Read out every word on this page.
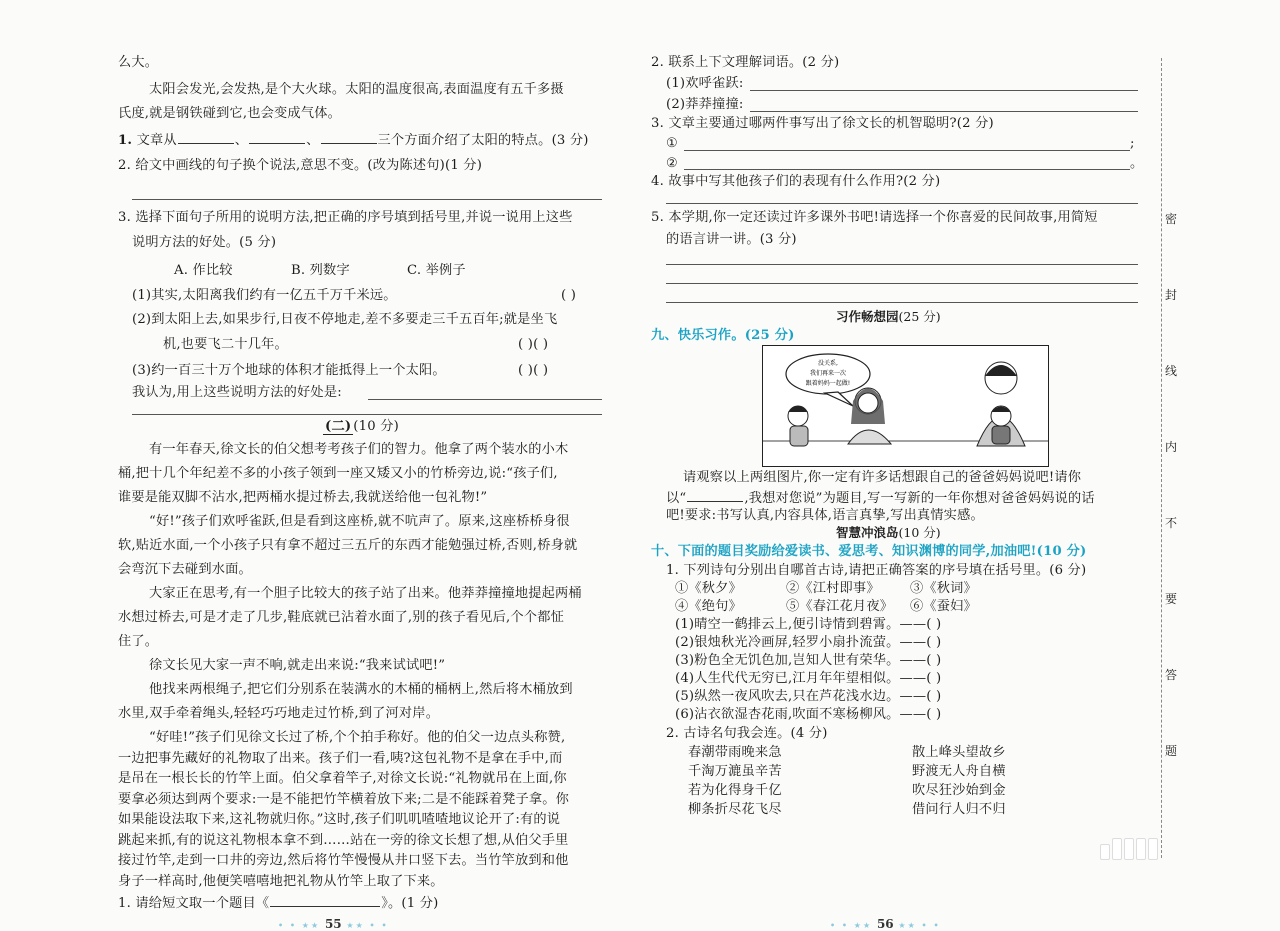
么大。
太阳会发光,会发热,是个大火球。太阳的温度很高,表面温度有五千多摄
氏度,就是钢铁碰到它,也会变成气体。
1. 文章从	、	、	三个方面介绍了太阳的特点。(3 分)
2. 给文中画线的句子换个说法,意思不变。(改为陈述句)(1 分)
3. 选择下面句子所用的说明方法,把正确的序号填到括号里,并说一说用上这些
说明方法的好处。(5 分)
A. 作比较	B. 列数字	C. 举例子
(1)其实,太阳离我们约有一亿五千万千米远。	( )
(2)到太阳上去,如果步行,日夜不停地走,差不多要走三千五百年;就是坐飞
机,也要飞二十几年。	( )( )
(3)约一百三十万个地球的体积才能抵得上一个太阳。	( )( )
我认为,用上这些说明方法的好处是:
(二) (10 分)
有一年春天,徐文长的伯父想考考孩子们的智力。他拿了两个装水的小木
桶,把十几个年纪差不多的小孩子领到一座又矮又小的竹桥旁边,说:“孩子们,
谁要是能双脚不沾水,把两桶水提过桥去,我就送给他一包礼物!”
“好!”孩子们欢呼雀跃,但是看到这座桥,就不吭声了。原来,这座桥桥身很
软,贴近水面,一个小孩子只有拿不超过三五斤的东西才能勉强过桥,否则,桥身就
会弯沉下去碰到水面。
大家正在思考,有一个胆子比较大的孩子站了出来。他莽莽撞撞地提起两桶
水想过桥去,可是才走了几步,鞋底就已沾着水面了,别的孩子看见后,个个都怔
住了。
徐文长见大家一声不响,就走出来说:“我来试试吧!”
他找来两根绳子,把它们分别系在装满水的木桶的桶柄上,然后将木桶放到
水里,双手牵着绳头,轻轻巧巧地走过竹桥,到了河对岸。
• • ★★ 55 ★★ • •
“好哇!”孩子们见徐文长过了桥,个个拍手称好。他的伯父一边点头称赞,
一边把事先藏好的礼物取了出来。孩子们一看,咦?这包礼物不是拿在手中,而
是吊在一根长长的竹竿上面。伯父拿着竿子,对徐文长说:“礼物就吊在上面,你
要拿必须达到两个要求:一是不能把竹竿横着放下来;二是不能踩着凳子拿。你
如果能设法取下来,这礼物就归你。”这时,孩子们叽叽喳喳地议论开了:有的说
跳起来抓,有的说这礼物根本拿不到……站在一旁的徐文长想了想,从伯父手里
接过竹竿,走到一口井的旁边,然后将竹竿慢慢从井口竖下去。当竹竿放到和他
身子一样高时,他便笑嘻嘻地把礼物从竹竿上取了下来。
1. 请给短文取一个题目《	》。(1 分)
2. 联系上下文理解词语。(2 分)
(1)欢呼雀跃:
(2)莽莽撞撞:
3. 文章主要通过哪两件事写出了徐文长的机智聪明?(2 分)
①	;
②	。
4. 故事中写其他孩子们的表现有什么作用?(2 分)
5. 本学期,你一定还读过许多课外书吧!请选择一个你喜爱的民间故事,用简短
的语言讲一讲。(3 分)
习作畅想园(25 分)
九、快乐习作。(25 分)
没关系,
我们再来一次
跟着妈妈一起做!
请观察以上两组图片,你一定有许多话想跟自己的爸爸妈妈说吧!请你
以“	,我想对您说”为题目,写一写新的一年你想对爸爸妈妈说的话
吧!要求:书写认真,内容具体,语言真挚,写出真情实感。
智慧冲浪岛(10 分)
十、下面的题目奖励给爱读书、爱思考、知识渊博的同学,加油吧!(10 分)
1. 下列诗句分别出自哪首古诗,请把正确答案的序号填在括号里。(6 分)
①《秋夕》	②《江村即事》 ③《秋词》
④《绝句》	⑤《春江花月夜》 ⑥《蚕妇》
(1)晴空一鹤排云上,便引诗情到碧霄。——( )
(2)银烛秋光冷画屏,轻罗小扇扑流萤。——( )
(3)粉色全无饥色加,岂知人世有荣华。——( )
(4)人生代代无穷已,江月年年望相似。——( )
(5)纵然一夜风吹去,只在芦花浅水边。——( )
(6)沾衣欲湿杏花雨,吹面不寒杨柳风。——( )
2. 古诗名句我会连。(4 分)
春潮带雨晚来急
千淘万漉虽辛苦
若为化得身千亿
柳条折尽花飞尽
散上峰头望故乡
野渡无人舟自横
吹尽狂沙始到金
借问行人归不归
• • ★★ 56 ★★ • •
密
封
线
内
不
要
答
题
